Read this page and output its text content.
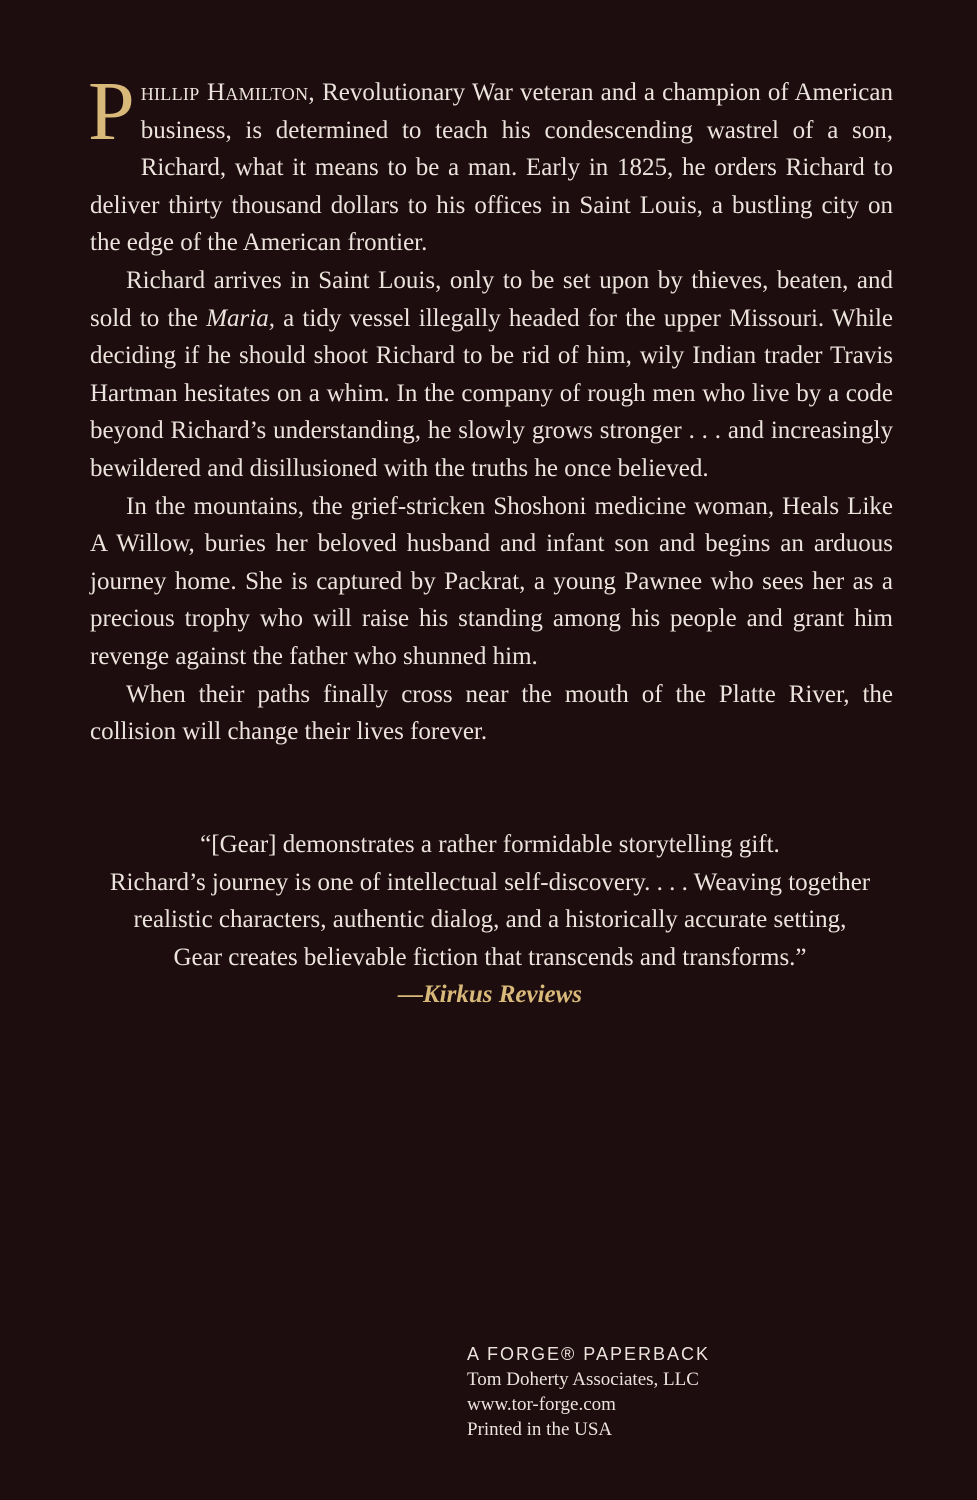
Phillip Hamilton, Revolutionary War veteran and a champion of American business, is determined to teach his condescending wastrel of a son, Richard, what it means to be a man. Early in 1825, he orders Richard to deliver thirty thousand dollars to his offices in Saint Louis, a bustling city on the edge of the American frontier.

Richard arrives in Saint Louis, only to be set upon by thieves, beaten, and sold to the Maria, a tidy vessel illegally headed for the upper Missouri. While deciding if he should shoot Richard to be rid of him, wily Indian trader Travis Hartman hesitates on a whim. In the company of rough men who live by a code beyond Richard’s understanding, he slowly grows stronger . . . and increasingly bewildered and disillusioned with the truths he once believed.

In the mountains, the grief-stricken Shoshoni medicine woman, Heals Like A Willow, buries her beloved husband and infant son and begins an arduous journey home. She is captured by Packrat, a young Pawnee who sees her as a precious trophy who will raise his standing among his people and grant him revenge against the father who shunned him.

When their paths finally cross near the mouth of the Platte River, the collision will change their lives forever.

“[Gear] demonstrates a rather formidable storytelling gift.
Richard’s journey is one of intellectual self-discovery. . . . Weaving together
realistic characters, authentic dialog, and a historically accurate setting,
Gear creates believable fiction that transcends and transforms.”
—Kirkus Reviews
A FORGE® PAPERBACK
Tom Doherty Associates, LLC
www.tor-forge.com
Printed in the USA
